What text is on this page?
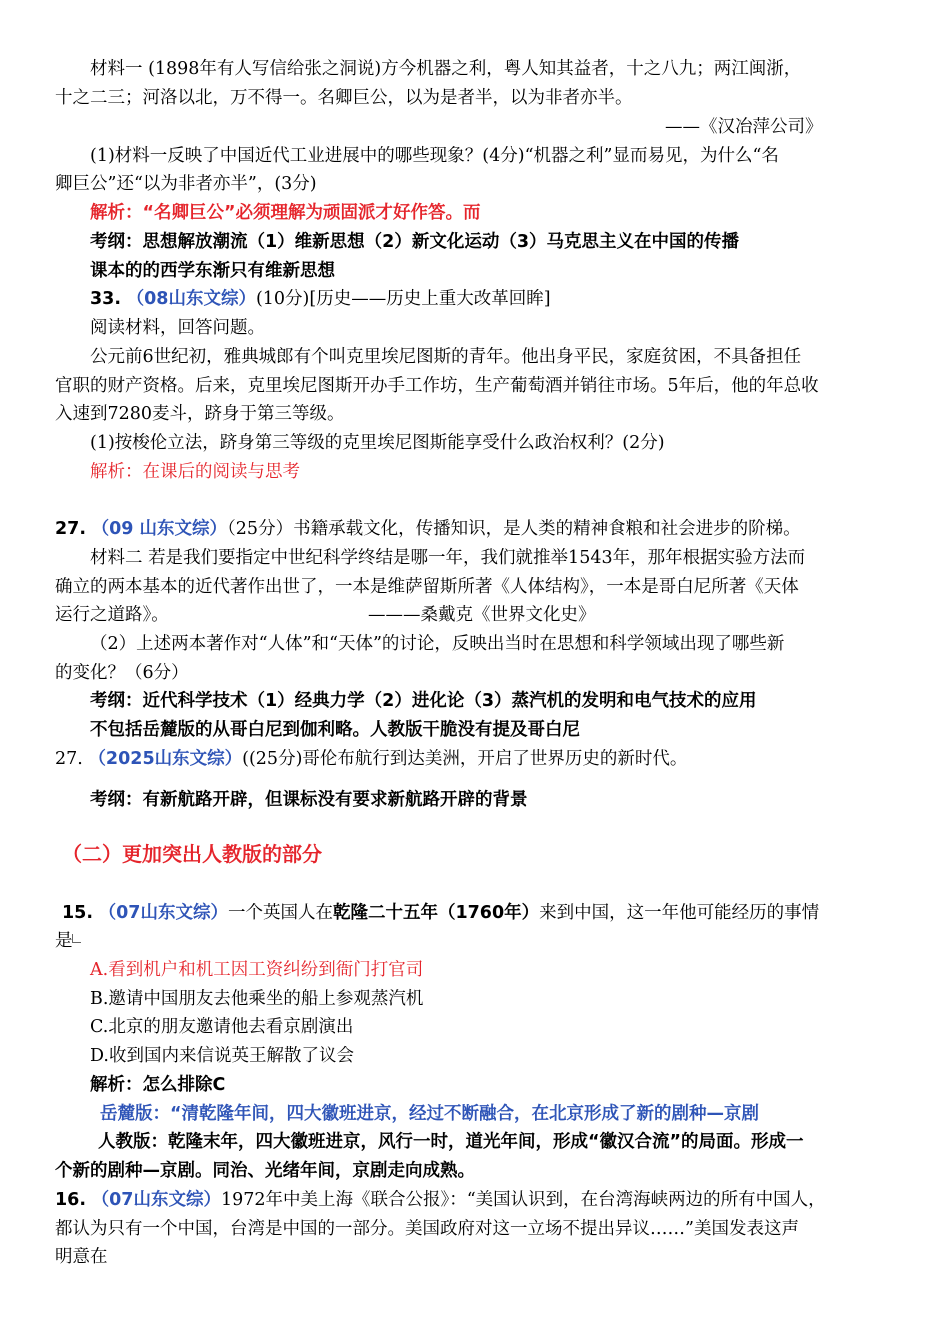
材料一 (1898年有人写信给张之洞说)方今机器之利，粤人知其益者，十之八九；两江闽浙，
十之二三；河洛以北，万不得一。名卿巨公，以为是者半，以为非者亦半。
——《汉冶萍公司》
(1)材料一反映了中国近代工业进展中的哪些现象？(4分)“机器之利”显而易见，为什么“名
卿巨公”还“以为非者亦半”，(3分)
解析：“名卿巨公”必须理解为顽固派才好作答。而
考纲：思想解放潮流（1）维新思想（2）新文化运动（3）马克思主义在中国的传播
课本的的西学东渐只有维新思想
33. （08山东文综）(10分)[历史——历史上重大改革回眸]
阅读材料，回答问题。
公元前6世纪初，雅典城郎有个叫克里埃尼图斯的青年。他出身平民，家庭贫困，不具备担任
官职的财产资格。后来，克里埃尼图斯开办手工作坊，生产葡萄酒并销往市场。5年后，他的年总收
入速到7280麦斗，跻身于第三等级。
(1)按梭伦立法，跻身第三等级的克里埃尼图斯能享受什么政治权利？(2分)
解析：在课后的阅读与思考
27. （09 山东文综）（25分）书籍承载文化，传播知识，是人类的精神食粮和社会进步的阶梯。
材料二 若是我们要指定中世纪科学终结是哪一年，我们就推举1543年，那年根据实验方法而
确立的两本基本的近代著作出世了，一本是维萨留斯所著《人体结构》，一本是哥白尼所著《天体
运行之道路》。	———桑戴克《世界文化史》
（2）上述两本著作对“人体”和“天体”的讨论，反映出当时在思想和科学领域出现了哪些新
的变化？（6分）
考纲：近代科学技术（1）经典力学（2）进化论（3）蒸汽机的发明和电气技术的应用
不包括岳麓版的从哥白尼到伽利略。人教版干脆没有提及哥白尼
27. （2025山东文综）((25分)哥伦布航行到达美洲，开启了世界历史的新时代。
考纲：有新航路开辟，但课标没有要求新航路开辟的背景
（二）更加突出人教版的部分
15. （07山东文综）一个英国人在乾隆二十五年（1760年）来到中国，这一年他可能经历的事情
是
A.看到机户和机工因工资纠纷到衙门打官司
B.邀请中国朋友去他乘坐的船上参观蒸汽机
C.北京的朋友邀请他去看京剧演出
D.收到国内来信说英王解散了议会
解析：怎么排除C
岳麓版：“清乾隆年间，四大徽班进京，经过不断融合，在北京形成了新的剧种—京剧
人教版：乾隆末年，四大徽班进京，风行一时，道光年间，形成“徽汉合流”的局面。形成一
个新的剧种—京剧。同治、光绪年间，京剧走向成熟。
16. （07山东文综）1972年中美上海《联合公报》：“美国认识到，在台湾海峡两边的所有中国人，
都认为只有一个中国，台湾是中国的一部分。美国政府对这一立场不提出异议……”美国发表这声
明意在
